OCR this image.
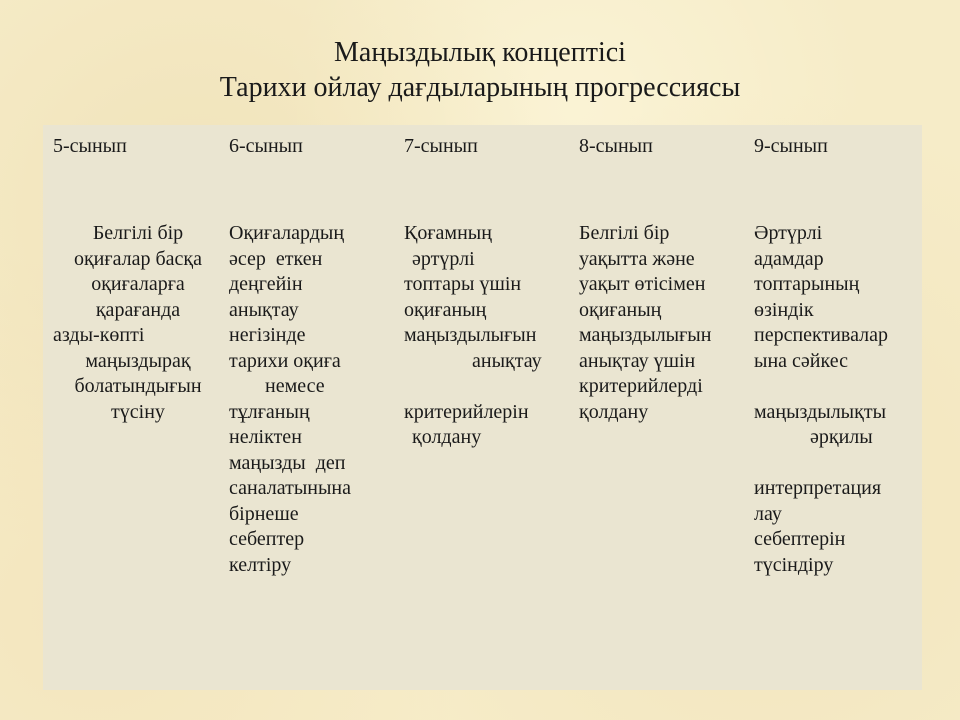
Маңыздылық концептісі
Тарихи ойлау дағдыларының прогрессиясы
5-сынып
Белгілі бір
оқиғалар басқа
оқиғаларға
қарағанда
азды-көпті
маңыздырақ
болатындығын
түсіну
6-сынып
Оқиғалардың
әсер  еткен
деңгейін
анықтау
негізінде
тарихи оқиға
немесе
тұлғаның
неліктен
маңызды  деп
саналатынына
бірнеше
себептер
келтіру
7-сынып
Қоғамның
әртүрлі
топтары үшін
оқиғаның
маңыздылығын
анықтау
критерийлерін
қолдану
8-сынып
Белгілі бір
уақытта және
уақыт өтісімен
оқиғаның
маңыздылығын
анықтау үшін
критерийлерді
қолдану
9-сынып
Әртүрлі
адамдар
топтарының
өзіндік
перспективалар
ына сәйкес
маңыздылықты
әрқилы
интерпретация
лау
себептерін
түсіндіру
